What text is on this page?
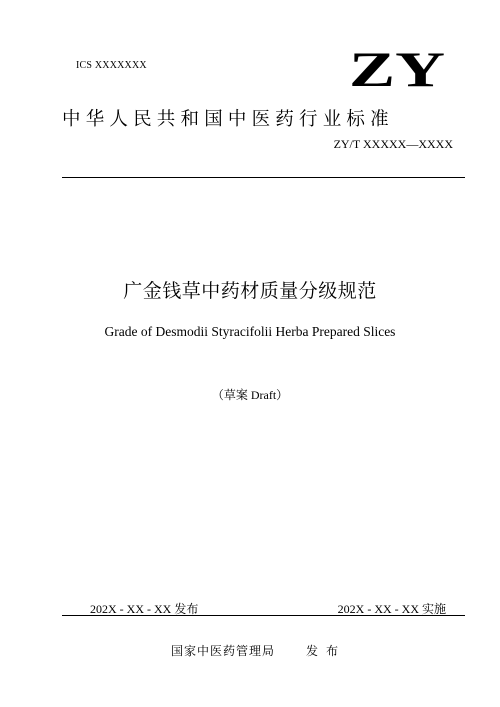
ICS XXXXXXX	ZY
中华人民共和国中医药行业标准
ZY/T XXXXX—XXXX
广金钱草中药材质量分级规范
Grade of Desmodii Styracifolii Herba Prepared Slices
（草案 Draft）
202X - XX - XX 发布	202X - XX - XX 实施
国家中医药管理局	发布
